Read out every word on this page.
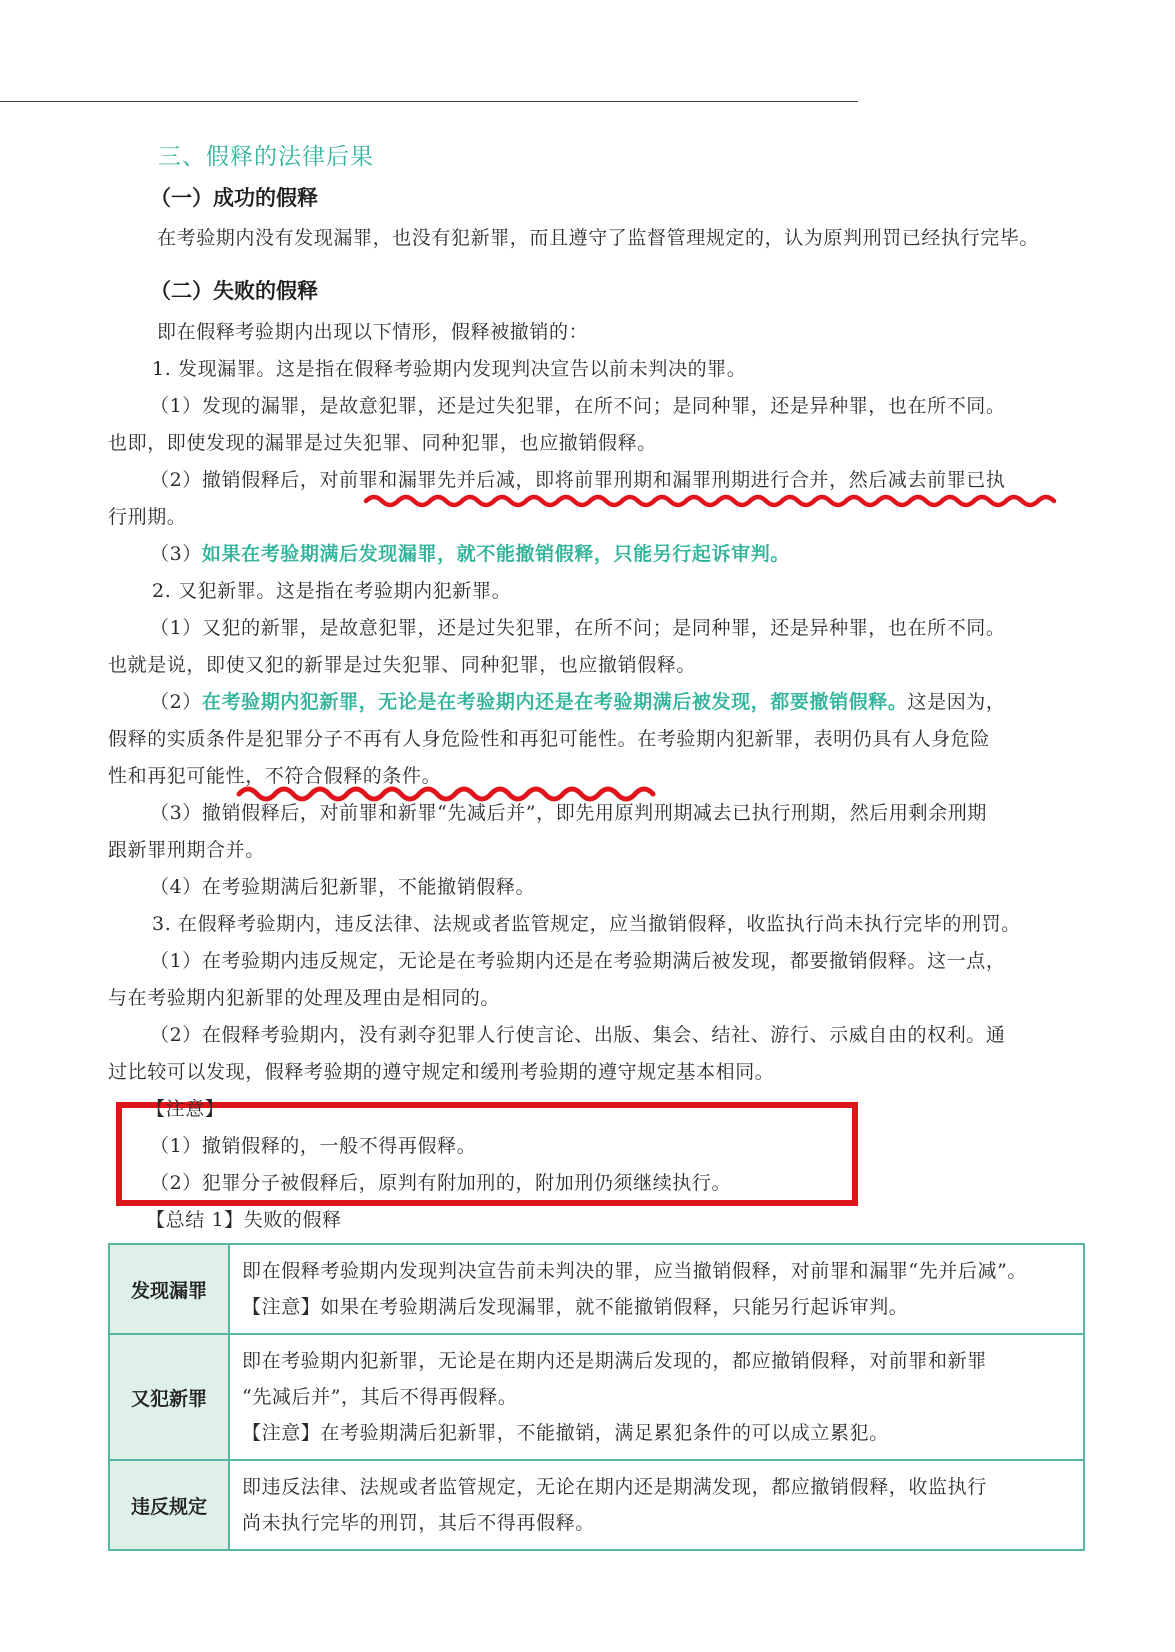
三、假释的法律后果
（一）成功的假释
在考验期内没有发现漏罪，也没有犯新罪，而且遵守了监督管理规定的，认为原判刑罚已经执行完毕。
（二）失败的假释
即在假释考验期内出现以下情形，假释被撤销的：
1. 发现漏罪。这是指在假释考验期内发现判决宣告以前未判决的罪。
（1）发现的漏罪，是故意犯罪，还是过失犯罪，在所不问；是同种罪，还是异种罪，也在所不同。
也即，即使发现的漏罪是过失犯罪、同种犯罪，也应撤销假释。
（2）撤销假释后，对前罪和漏罪先并后减，即将前罪刑期和漏罪刑期进行合并，然后减去前罪已执
行刑期。
（3）如果在考验期满后发现漏罪，就不能撤销假释，只能另行起诉审判。
2. 又犯新罪。这是指在考验期内犯新罪。
（1）又犯的新罪，是故意犯罪，还是过失犯罪，在所不问；是同种罪，还是异种罪，也在所不同。
也就是说，即使又犯的新罪是过失犯罪、同种犯罪，也应撤销假释。
（2）在考验期内犯新罪，无论是在考验期内还是在考验期满后被发现，都要撤销假释。这是因为，
假释的实质条件是犯罪分子不再有人身危险性和再犯可能性。在考验期内犯新罪，表明仍具有人身危险
性和再犯可能性，不符合假释的条件。
（3）撤销假释后，对前罪和新罪“先减后并”，即先用原判刑期减去已执行刑期，然后用剩余刑期
跟新罪刑期合并。
（4）在考验期满后犯新罪，不能撤销假释。
3. 在假释考验期内，违反法律、法规或者监管规定，应当撤销假释，收监执行尚未执行完毕的刑罚。
（1）在考验期内违反规定，无论是在考验期内还是在考验期满后被发现，都要撤销假释。这一点，
与在考验期内犯新罪的处理及理由是相同的。
（2）在假释考验期内，没有剥夺犯罪人行使言论、出版、集会、结社、游行、示威自由的权利。通
过比较可以发现，假释考验期的遵守规定和缓刑考验期的遵守规定基本相同。
【注意】
（1）撤销假释的，一般不得再假释。
（2）犯罪分子被假释后，原判有附加刑的，附加刑仍须继续执行。
【总结 1】失败的假释
发现漏罪	即在假释考验期内发现判决宣告前未判决的罪，应当撤销假释，对前罪和漏罪“先并后减”。
【注意】如果在考验期满后发现漏罪，就不能撤销假释，只能另行起诉审判。

又犯新罪	即在考验期内犯新罪，无论是在期内还是期满后发现的，都应撤销假释，对前罪和新罪
“先减后并”，其后不得再假释。
【注意】在考验期满后犯新罪，不能撤销，满足累犯条件的可以成立累犯。

违反规定	即违反法律、法规或者监管规定，无论在期内还是期满发现，都应撤销假释，收监执行
尚未执行完毕的刑罚，其后不得再假释。
